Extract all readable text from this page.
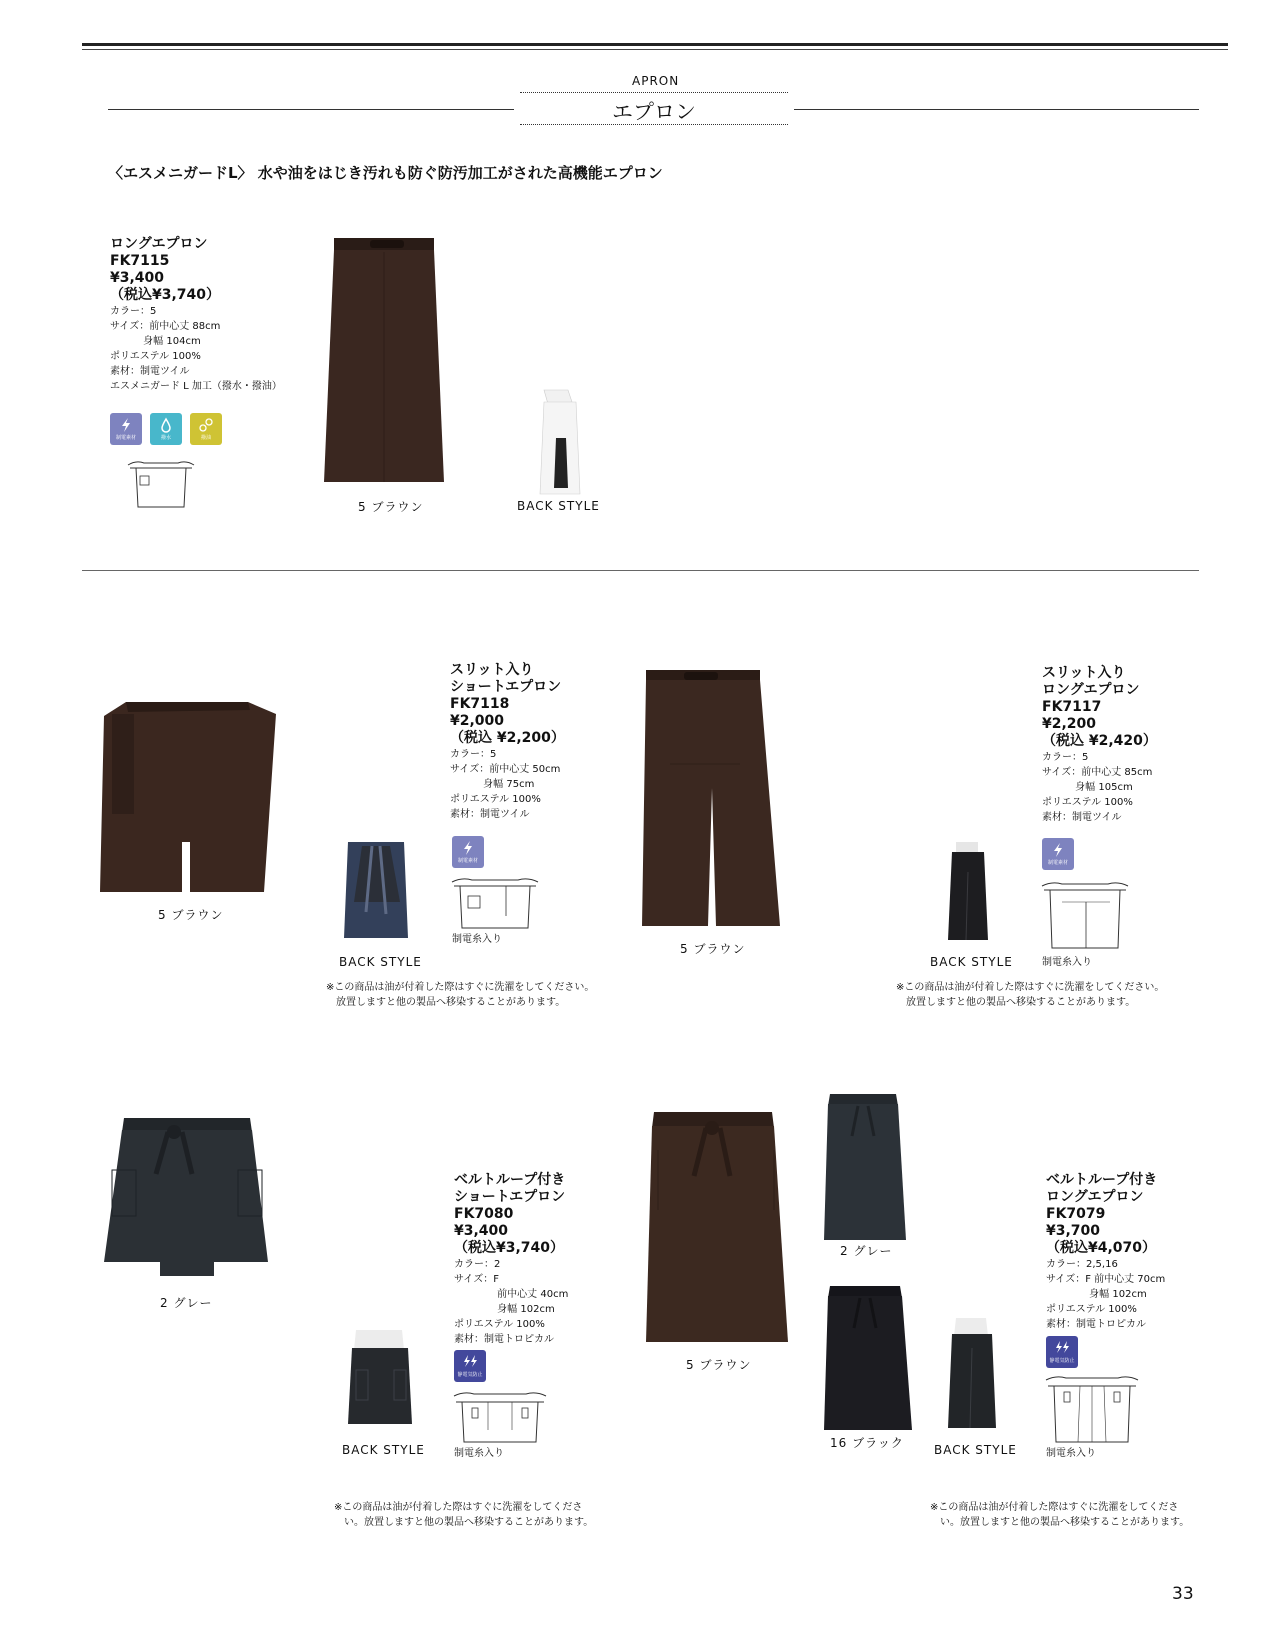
APRON
エプロン
〈エスメニガードL〉 水や油をはじき汚れも防ぐ防汚加工がされた高機能エプロン
ロングエプロン
FK7115
¥3,400
（税込¥3,740）
カラー：5
サイズ：前中心丈 88cm
　　　 身幅 104cm
ポリエステル 100%
素材：制電ツイル
エスメニガード L 加工（撥水・撥油）
制電素材	撥水	撥油
5 ブラウン	BACK STYLE
5 ブラウン
BACK STYLE
スリット入り
ショートエプロン
FK7118
¥2,000
（税込 ¥2,200）
カラー：5
サイズ：前中心丈 50cm
　　　 身幅 75cm
ポリエステル 100%
素材：制電ツイル
制電素材
制電糸入り
※この商品は油が付着した際はすぐに洗濯をしてください。
　放置しますと他の製品へ移染することがあります。
5 ブラウン
BACK STYLE
スリット入り
ロングエプロン
FK7117
¥2,200
（税込 ¥2,420）
カラー：5
サイズ：前中心丈 85cm
　　　 身幅 105cm
ポリエステル 100%
素材：制電ツイル
制電素材
制電糸入り
※この商品は油が付着した際はすぐに洗濯をしてください。
　放置しますと他の製品へ移染することがあります。
2 グレー
BACK STYLE
ベルトループ付き
ショートエプロン
FK7080
¥3,400
（税込¥3,740）
カラー：2
サイズ：F
　　　　 前中心丈 40cm
　　　　 身幅 102cm
ポリエステル 100%
素材：制電トロピカル
静電気防止
制電糸入り
※この商品は油が付着した際はすぐに洗濯をしてくださ
　い。放置しますと他の製品へ移染することがあります。
5 ブラウン
2 グレー
16 ブラック	BACK STYLE
ベルトループ付き
ロングエプロン
FK7079
¥3,700
（税込¥4,070）
カラー：2,5,16
サイズ：F 前中心丈 70cm
　　　　 身幅 102cm
ポリエステル 100%
素材：制電トロピカル
静電気防止
制電糸入り
※この商品は油が付着した際はすぐに洗濯をしてくださ
　い。放置しますと他の製品へ移染することがあります。
33
